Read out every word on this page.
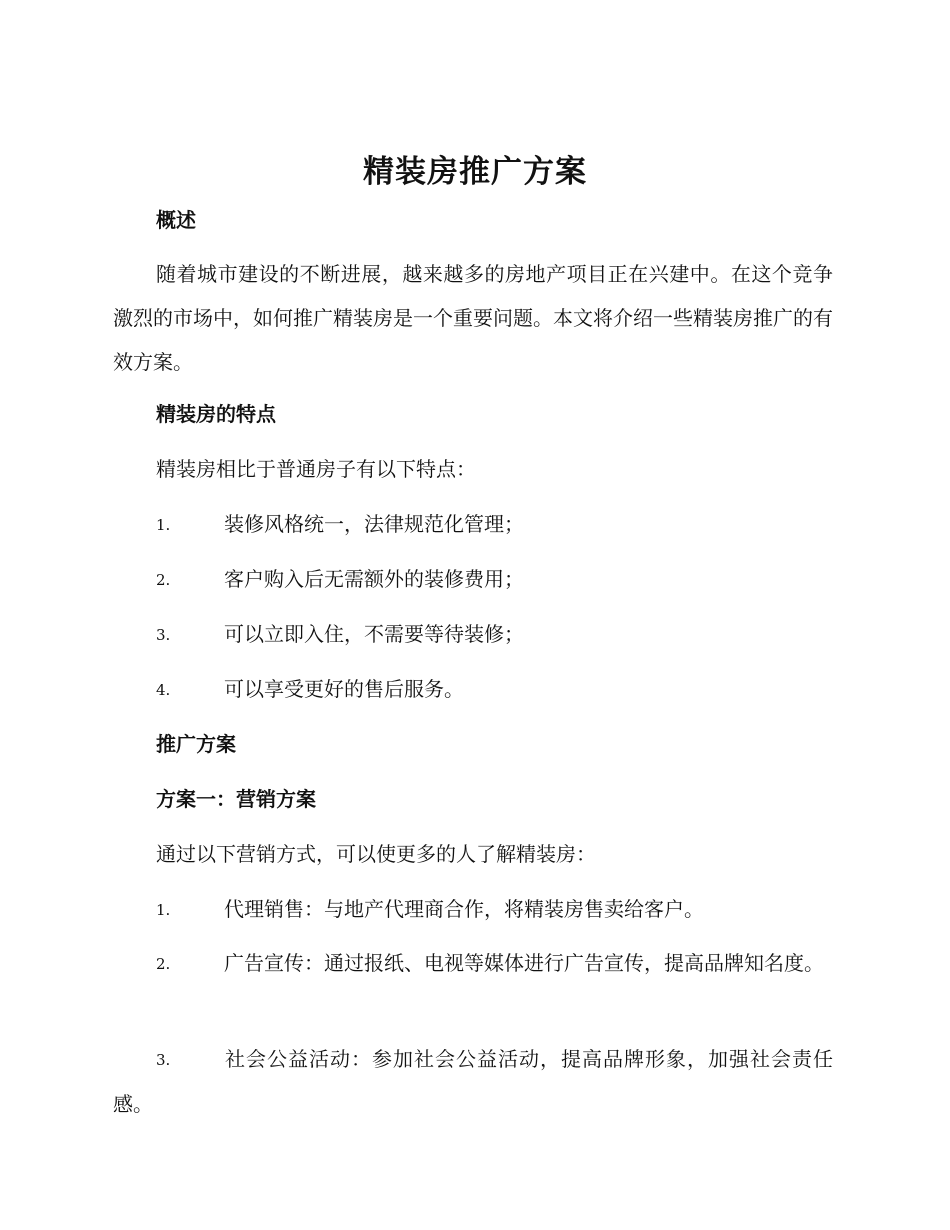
精装房推广方案
概述
随着城市建设的不断进展，越来越多的房地产项目正在兴建中。在这个竞争激烈的市场中，如何推广精装房是一个重要问题。本文将介绍一些精装房推广的有效方案。
精装房的特点
精装房相比于普通房子有以下特点：
1.	装修风格统一，法律规范化管理；
2.	客户购入后无需额外的装修费用；
3.	可以立即入住，不需要等待装修；
4.	可以享受更好的售后服务。
推广方案
方案一：营销方案
通过以下营销方式，可以使更多的人了解精装房：
1.	代理销售：与地产代理商合作，将精装房售卖给客户。
2.	广告宣传：通过报纸、电视等媒体进行广告宣传，提高品牌知名度。
3.	社会公益活动：参加社会公益活动，提高品牌形象，加强社会责任感。
